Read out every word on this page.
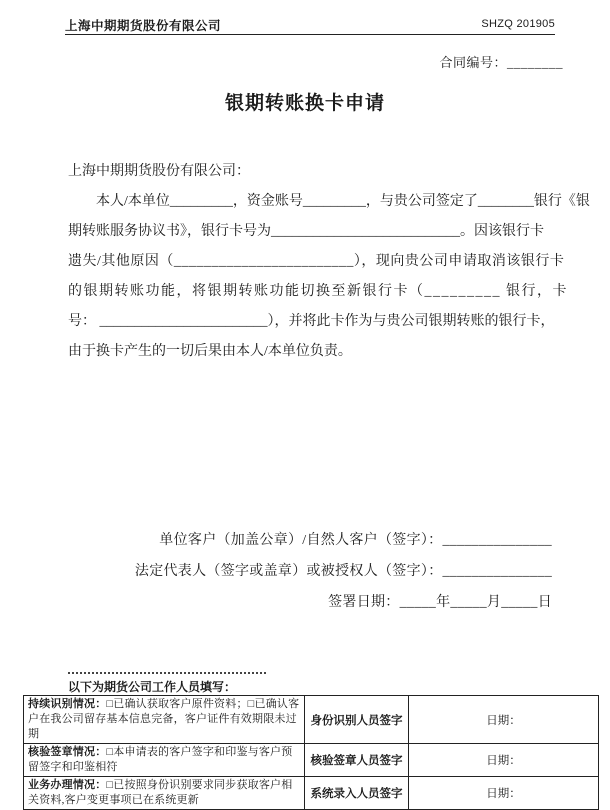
上海中期期货股份有限公司	SHZQ 201905
合同编号：________
银期转账换卡申请

上海中期期货股份有限公司：

本人/本单位_________，资金账号_________，与贵公司签定了________银行《银

期转账服务协议书》，银行卡号为___________________________。因该银行卡

遗失/其他原因（________________________），现向贵公司申请取消该银行卡

的银期转账功能，将银期转账功能切换至新银行卡（_________ 银行，卡

号： ________________________），并将此卡作为与贵公司银期转账的银行卡，

由于换卡产生的一切后果由本人/本单位负责。

单位客户（加盖公章）/自然人客户（签字）：_______________

法定代表人（签字或盖章）或被授权人（签字）：_______________

签署日期：_____年_____月_____日

以下为期货公司工作人员填写：
持续识别情况：□已确认获取客户原件资料；□已确认客户在我公司留存基本信息完备，客户证件有效期限未过期	身份识别人员签字	日期：
核验签章情况：□本申请表的客户签字和印鉴与客户预留签字和印鉴相符	核验签章人员签字	日期：
业务办理情况：□已按照身份识别要求同步获取客户相关资料,客户变更事项已在系统更新	系统录入人员签字	日期：
